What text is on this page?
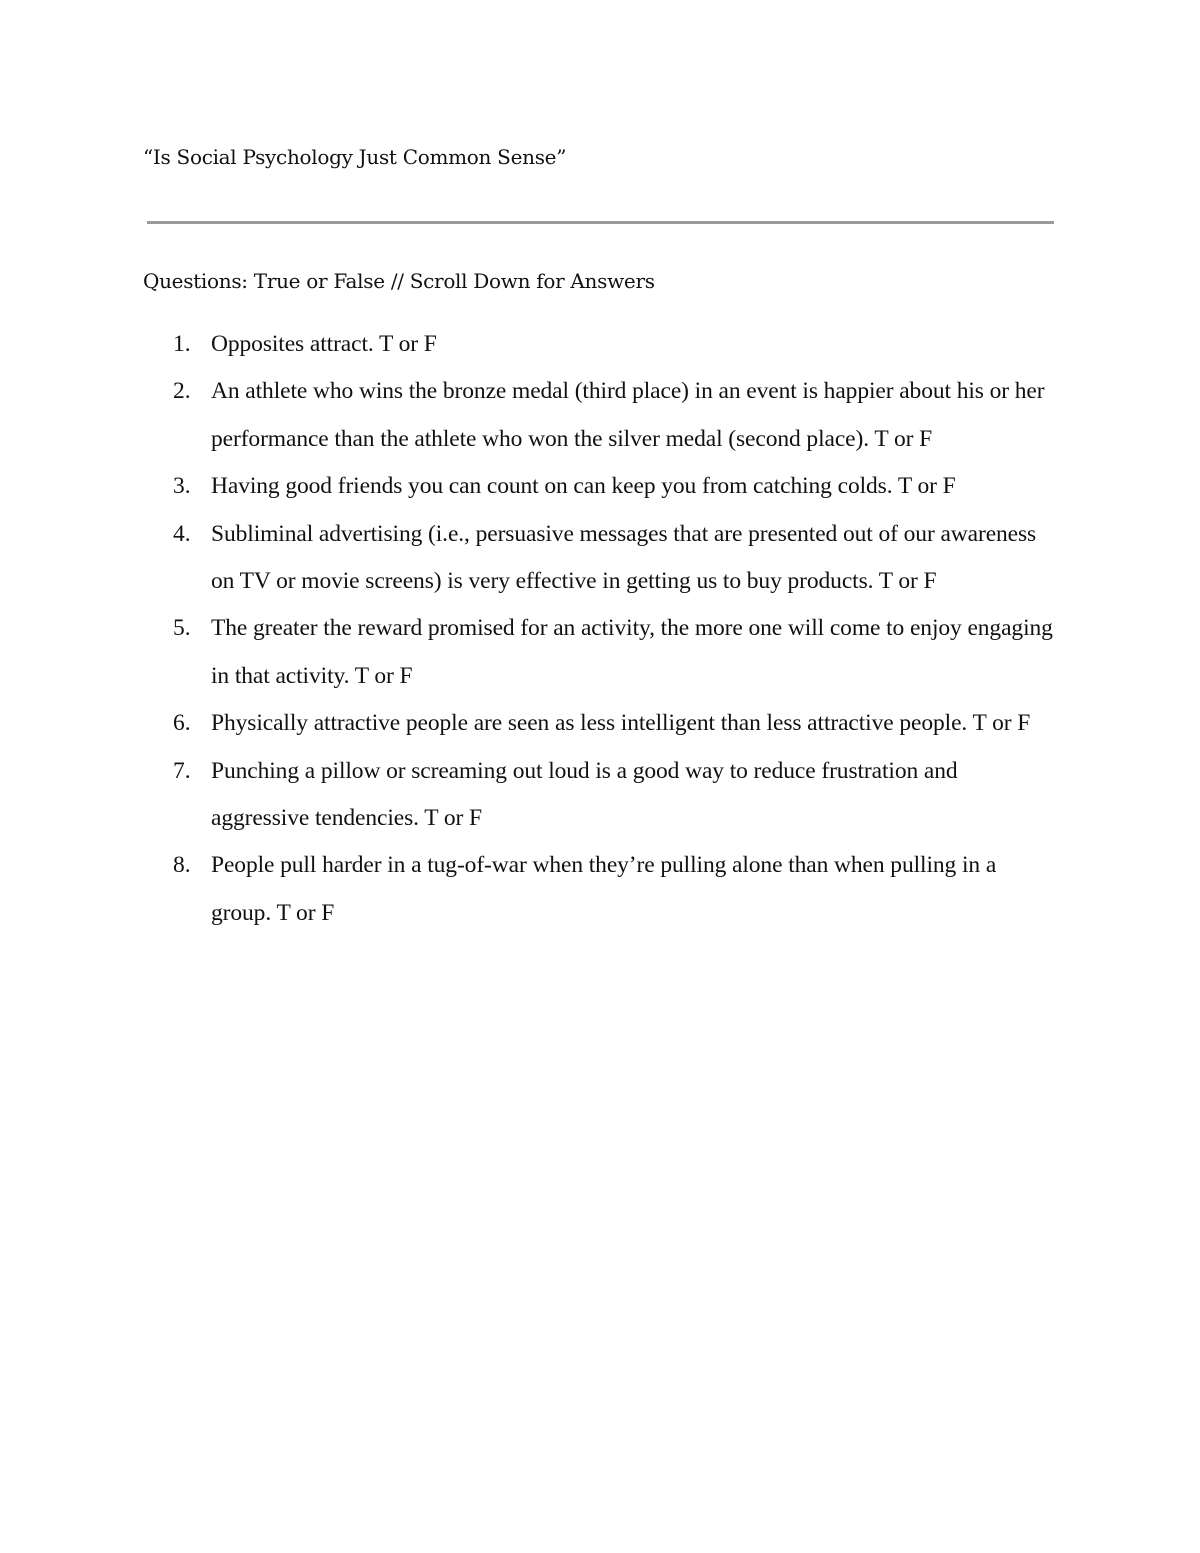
“Is Social Psychology Just Common Sense”
Questions: True or False // Scroll Down for Answers
1. Opposites attract. T or F
2. An athlete who wins the bronze medal (third place) in an event is happier about his or her performance than the athlete who won the silver medal (second place). T or F
3. Having good friends you can count on can keep you from catching colds. T or F
4. Subliminal advertising (i.e., persuasive messages that are presented out of our awareness on TV or movie screens) is very effective in getting us to buy products. T or F
5. The greater the reward promised for an activity, the more one will come to enjoy engaging in that activity. T or F
6. Physically attractive people are seen as less intelligent than less attractive people. T or F
7. Punching a pillow or screaming out loud is a good way to reduce frustration and aggressive tendencies. T or F
8. People pull harder in a tug-of-war when they’re pulling alone than when pulling in a group. T or F
